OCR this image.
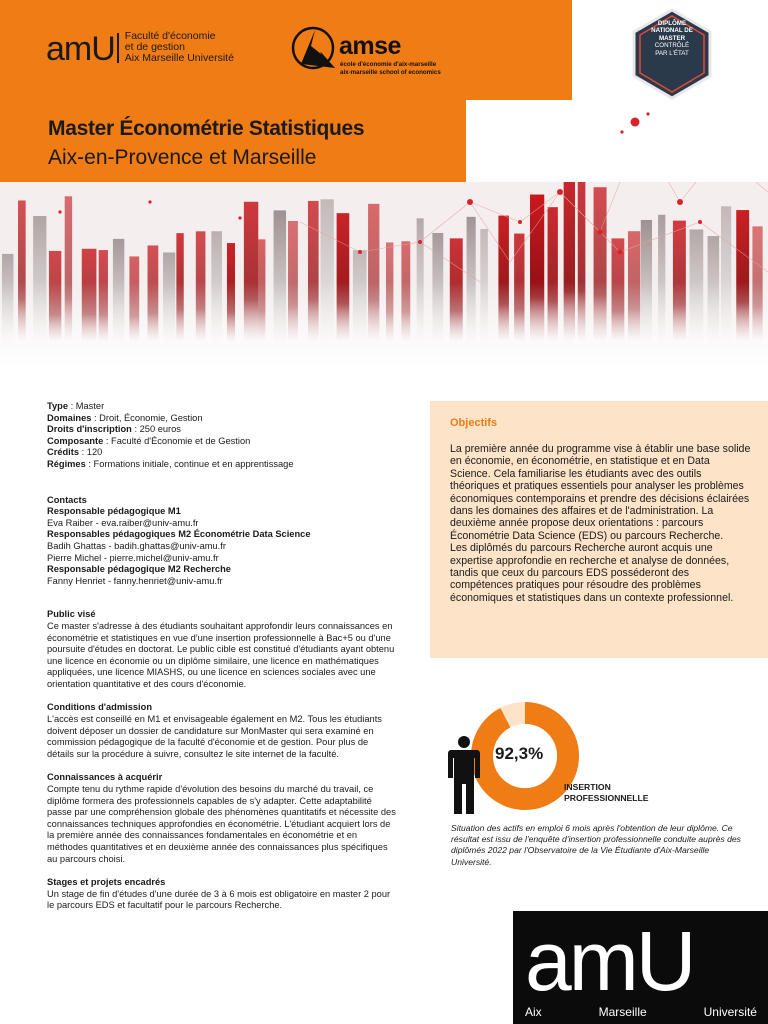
amU Faculté d'économie
et de gestion
Aix Marseille Université	amse
école d'économie d'aix-marseille
aix-marseille school of economics
DIPLÔME
NATIONAL DE
MASTER
CONTRÔLÉ
PAR L'ÉTAT
Master Économétrie Statistiques
Aix-en-Provence et Marseille
Type : Master
Domaines : Droit, Économie, Gestion
Droits d'inscription : 250 euros
Composante : Faculté d'Économie et de Gestion
Crédits : 120
Régimes : Formations initiale, continue et en apprentissage
Contacts
Responsable pédagogique M1
Eva Raiber - eva.raiber@univ-amu.fr
Responsables pédagogiques M2 Économétrie Data Science
Badih Ghattas - badih.ghattas@univ-amu.fr
Pierre Michel - pierre.michel@univ-amu.fr
Responsable pédagogique M2 Recherche
Fanny Henriet - fanny.henriet@univ-amu.fr
Public visé

Ce master s'adresse à des étudiants souhaitant approfondir leurs connaissances en économétrie et statistiques en vue d'une insertion professionnelle à Bac+5 ou d'une poursuite d'études en doctorat. Le public cible est constitué d'étudiants ayant obtenu une licence en économie ou un diplôme similaire, une licence en mathématiques appliquées, une licence MIASHS, ou une licence en sciences sociales avec une orientation quantitative et des cours d'économie.

Conditions d'admission

L'accès est conseillé en M1 et envisageable également en M2. Tous les étudiants doivent déposer un dossier de candidature sur MonMaster qui sera examiné en commission pédagogique de la faculté d'économie et de gestion. Pour plus de détails sur la procédure à suivre, consultez le site internet de la faculté.

Connaissances à acquérir

Compte tenu du rythme rapide d'évolution des besoins du marché du travail, ce diplôme formera des professionnels capables de s'y adapter. Cette adaptabilité passe par une compréhension globale des phénomènes quantitatifs et nécessite des connaissances techniques approfondies en économétrie. L'étudiant acquiert lors de la première année des connaissances fondamentales en économétrie et en méthodes quantitatives et en deuxième année des connaissances plus spécifiques au parcours choisi.

Stages et projets encadrés

Un stage de fin d'études d'une durée de 3 à 6 mois est obligatoire en master 2 pour le parcours EDS et facultatif pour le parcours Recherche.

Objectifs

La première année du programme vise à établir une base solide en économie, en économétrie, en statistique et en Data Science. Cela familiarise les étudiants avec des outils théoriques et pratiques essentiels pour analyser les problèmes économiques contemporains et prendre des décisions éclairées dans les domaines des affaires et de l'administration. La deuxième année propose deux orientations : parcours Économétrie Data Science (EDS) ou parcours Recherche.

Les diplômés du parcours Recherche auront acquis une expertise approfondie en recherche et analyse de données, tandis que ceux du parcours EDS posséderont des compétences pratiques pour résoudre des problèmes économiques et statistiques dans un contexte professionnel.

92,3%
INSERTION
PROFESSIONNELLE
Situation des actifs en emploi 6 mois après l'obtention de leur diplôme. Ce résultat est issu de l'enquête d'insertion professionnelle conduite auprès des diplômés 2022 par l'Observatoire de la Vie Étudiante d'Aix-Marseille Université.
amU
Aix	Marseille	Université
